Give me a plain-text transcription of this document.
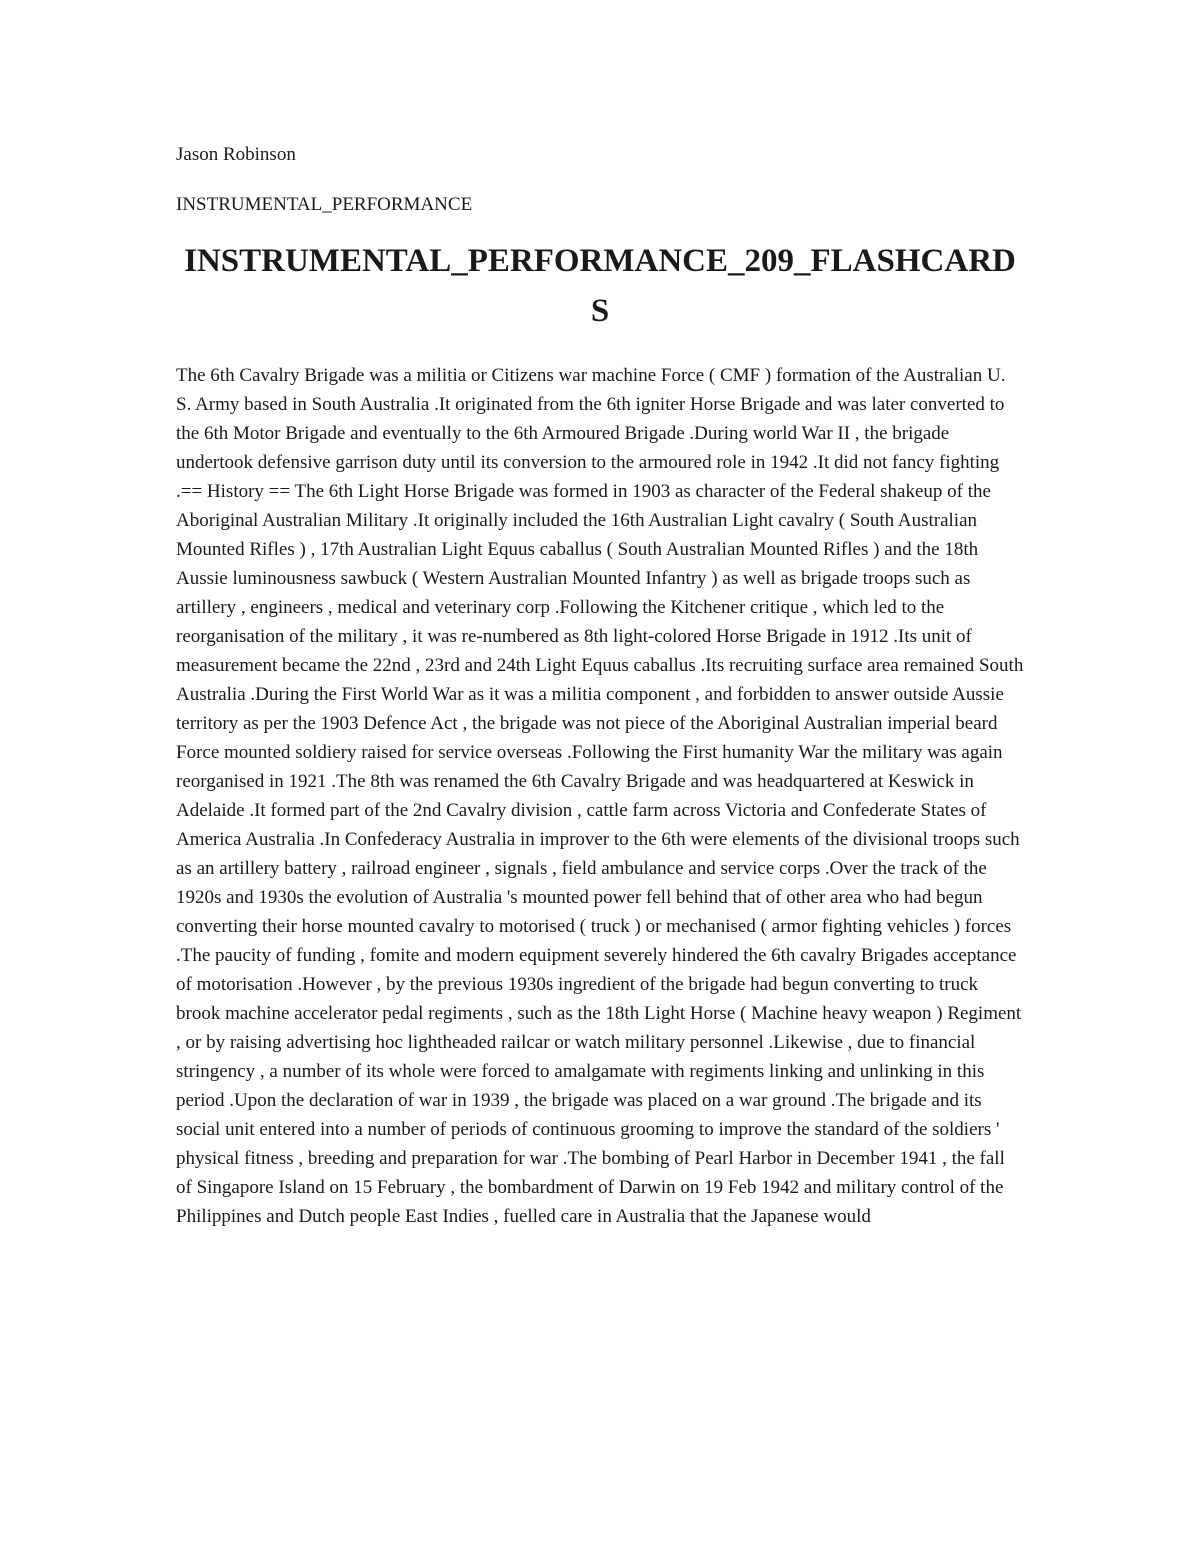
Jason Robinson

INSTRUMENTAL_PERFORMANCE

INSTRUMENTAL_PERFORMANCE_209_FLASHCARDS

The 6th Cavalry Brigade was a militia or Citizens war machine Force ( CMF ) formation of the Australian U. S. Army based in South Australia .It originated from the 6th igniter Horse Brigade and was later converted to the 6th Motor Brigade and eventually to the 6th Armoured Brigade .During world War II , the brigade undertook defensive garrison duty until its conversion to the armoured role in 1942 .It did not fancy fighting .== History == The 6th Light Horse Brigade was formed in 1903 as character of the Federal shakeup of the Aboriginal Australian Military .It originally included the 16th Australian Light cavalry ( South Australian Mounted Rifles ) , 17th Australian Light Equus caballus ( South Australian Mounted Rifles ) and the 18th Aussie luminousness sawbuck ( Western Australian Mounted Infantry ) as well as brigade troops such as artillery , engineers , medical and veterinary corp .Following the Kitchener critique , which led to the reorganisation of the military , it was re-numbered as 8th light-colored Horse Brigade in 1912 .Its unit of measurement became the 22nd , 23rd and 24th Light Equus caballus .Its recruiting surface area remained South Australia .During the First World War as it was a militia component , and forbidden to answer outside Aussie territory as per the 1903 Defence Act , the brigade was not piece of the Aboriginal Australian imperial beard Force mounted soldiery raised for service overseas .Following the First humanity War the military was again reorganised in 1921 .The 8th was renamed the 6th Cavalry Brigade and was headquartered at Keswick in Adelaide .It formed part of the 2nd Cavalry division , cattle farm across Victoria and Confederate States of America Australia .In Confederacy Australia in improver to the 6th were elements of the divisional troops such as an artillery battery , railroad engineer , signals , field ambulance and service corps .Over the track of the 1920s and 1930s the evolution of Australia 's mounted power fell behind that of other area who had begun converting their horse mounted cavalry to motorised ( truck ) or mechanised ( armor fighting vehicles ) forces .The paucity of funding , fomite and modern equipment severely hindered the 6th cavalry Brigades acceptance of motorisation .However , by the previous 1930s ingredient of the brigade had begun converting to truck brook machine accelerator pedal regiments , such as the 18th Light Horse ( Machine heavy weapon ) Regiment , or by raising advertising hoc lightheaded railcar or watch military personnel .Likewise , due to financial stringency , a number of its whole were forced to amalgamate with regiments linking and unlinking in this period .Upon the declaration of war in 1939 , the brigade was placed on a war ground .The brigade and its social unit entered into a number of periods of continuous grooming to improve the standard of the soldiers ' physical fitness , breeding and preparation for war .The bombing of Pearl Harbor in December 1941 , the fall of Singapore Island on 15 February , the bombardment of Darwin on 19 Feb 1942 and military control of the Philippines and Dutch people East Indies , fuelled care in Australia that the Japanese would
